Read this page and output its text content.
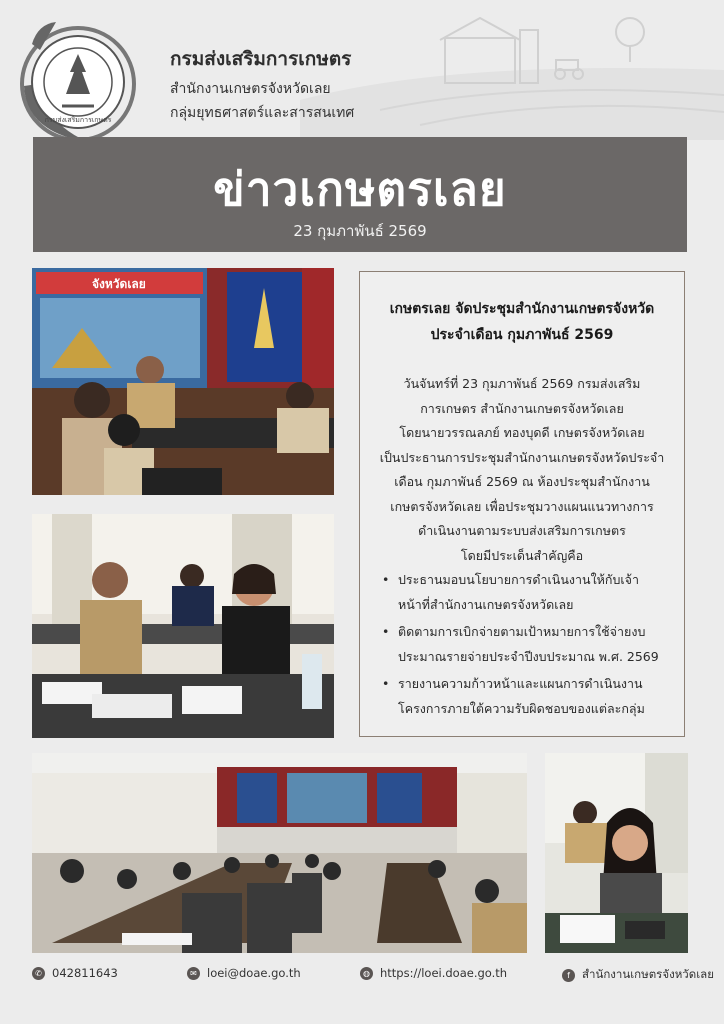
กรมส่งเสริมการเกษตร
กรมส่งเสริมการเกษตร
สำนักงานเกษตรจังหวัดเลย
กลุ่มยุทธศาสตร์และสารสนเทศ
ข่าวเกษตรเลย
23 กุมภาพันธ์ 2569
จังหวัดเลย
เกษตรเลย จัดประชุมสำนักงานเกษตรจังหวัด
ประจำเดือน กุมภาพันธ์ 2569
วันจันทร์ที่ 23 กุมภาพันธ์ 2569 กรมส่งเสริม
การเกษตร สำนักงานเกษตรจังหวัดเลย
โดยนายวรรณลภย์ ทองบุดดี เกษตรจังหวัดเลย
เป็นประธานการประชุมสำนักงานเกษตรจังหวัดประจำ
เดือน กุมภาพันธ์ 2569 ณ ห้องประชุมสำนักงาน
เกษตรจังหวัดเลย เพื่อประชุมวางแผนแนวทางการ
ดำเนินงานตามระบบส่งเสริมการเกษตร
โดยมีประเด็นสำคัญคือ
• ประธานมอบนโยบายการดำเนินงานให้กับเจ้า
หน้าที่สำนักงานเกษตรจังหวัดเลย
• ติดตามการเบิกจ่ายตามเป้าหมายการใช้จ่ายงบ
ประมาณรายจ่ายประจำปีงบประมาณ พ.ศ. 2569
• รายงานความก้าวหน้าและแผนการดำเนินงาน
โครงการภายใต้ความรับผิดชอบของแต่ละกลุ่ม
✆ 042811643	✉ loei@doae.go.th	◍ https://loei.doae.go.th	f	สำนักงานเกษตรจังหวัดเลย
